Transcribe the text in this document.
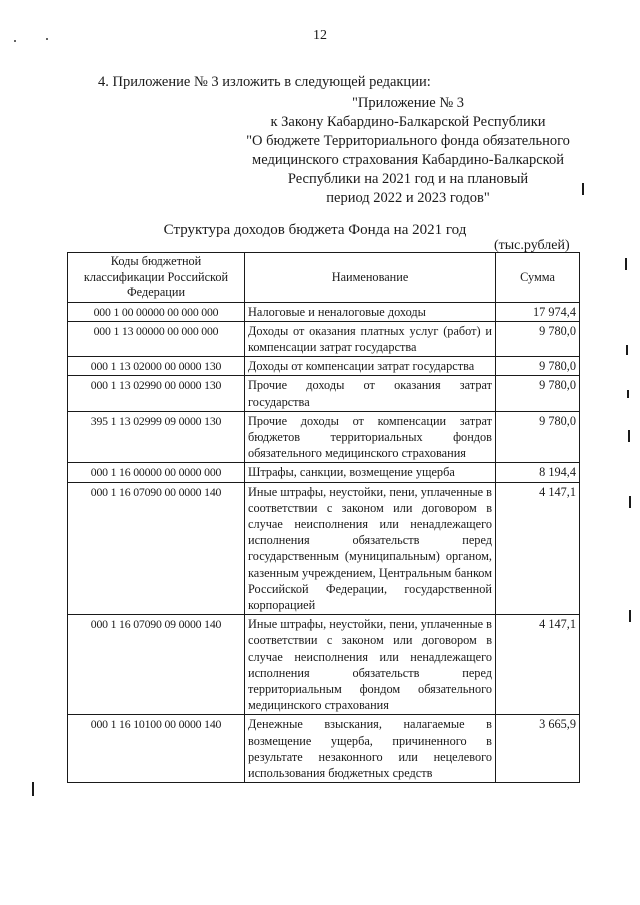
12
4. Приложение № 3 изложить в следующей редакции:
"Приложение № 3
к Закону Кабардино-Балкарской Республики
"О бюджете Территориального фонда обязательного
медицинского страхования Кабардино-Балкарской
Республики на 2021 год и на плановый
период 2022 и 2023 годов"
Структура доходов бюджета Фонда на 2021 год
(тыс.рублей)
Коды бюджетной классификации Российской Федерации	Наименование	Сумма
000 1 00 00000 00 000 000	Налоговые и неналоговые доходы	17 974,4
000 1 13 00000 00 000 000	Доходы от оказания платных услуг (работ) и компенсации затрат государства	9 780,0
000 1 13 02000 00 0000 130	Доходы от компенсации затрат государства	9 780,0
000 1 13 02990 00 0000 130	Прочие доходы от оказания затрат государства	9 780,0
395 1 13 02999 09 0000 130	Прочие доходы от компенсации затрат бюджетов территориальных фондов обязательного медицинского страхования	9 780,0
000 1 16 00000 00 0000 000	Штрафы, санкции, возмещение ущерба	8 194,4
000 1 16 07090 00 0000 140	Иные штрафы, неустойки, пени, уплаченные в соответствии с законом или договором в случае неисполнения или ненадлежащего исполнения обязательств перед государственным (муниципальным) органом, казенным учреждением, Центральным банком Российской Федерации, государственной корпорацией	4 147,1
000 1 16 07090 09 0000 140	Иные штрафы, неустойки, пени, уплаченные в соответствии с законом или договором в случае неисполнения или ненадлежащего исполнения обязательств перед территориальным фондом обязательного медицинского страхования	4 147,1
000 1 16 10100 00 0000 140	Денежные взыскания, налагаемые в возмещение ущерба, причиненного в результате незаконного или нецелевого использования бюджетных средств	3 665,9
